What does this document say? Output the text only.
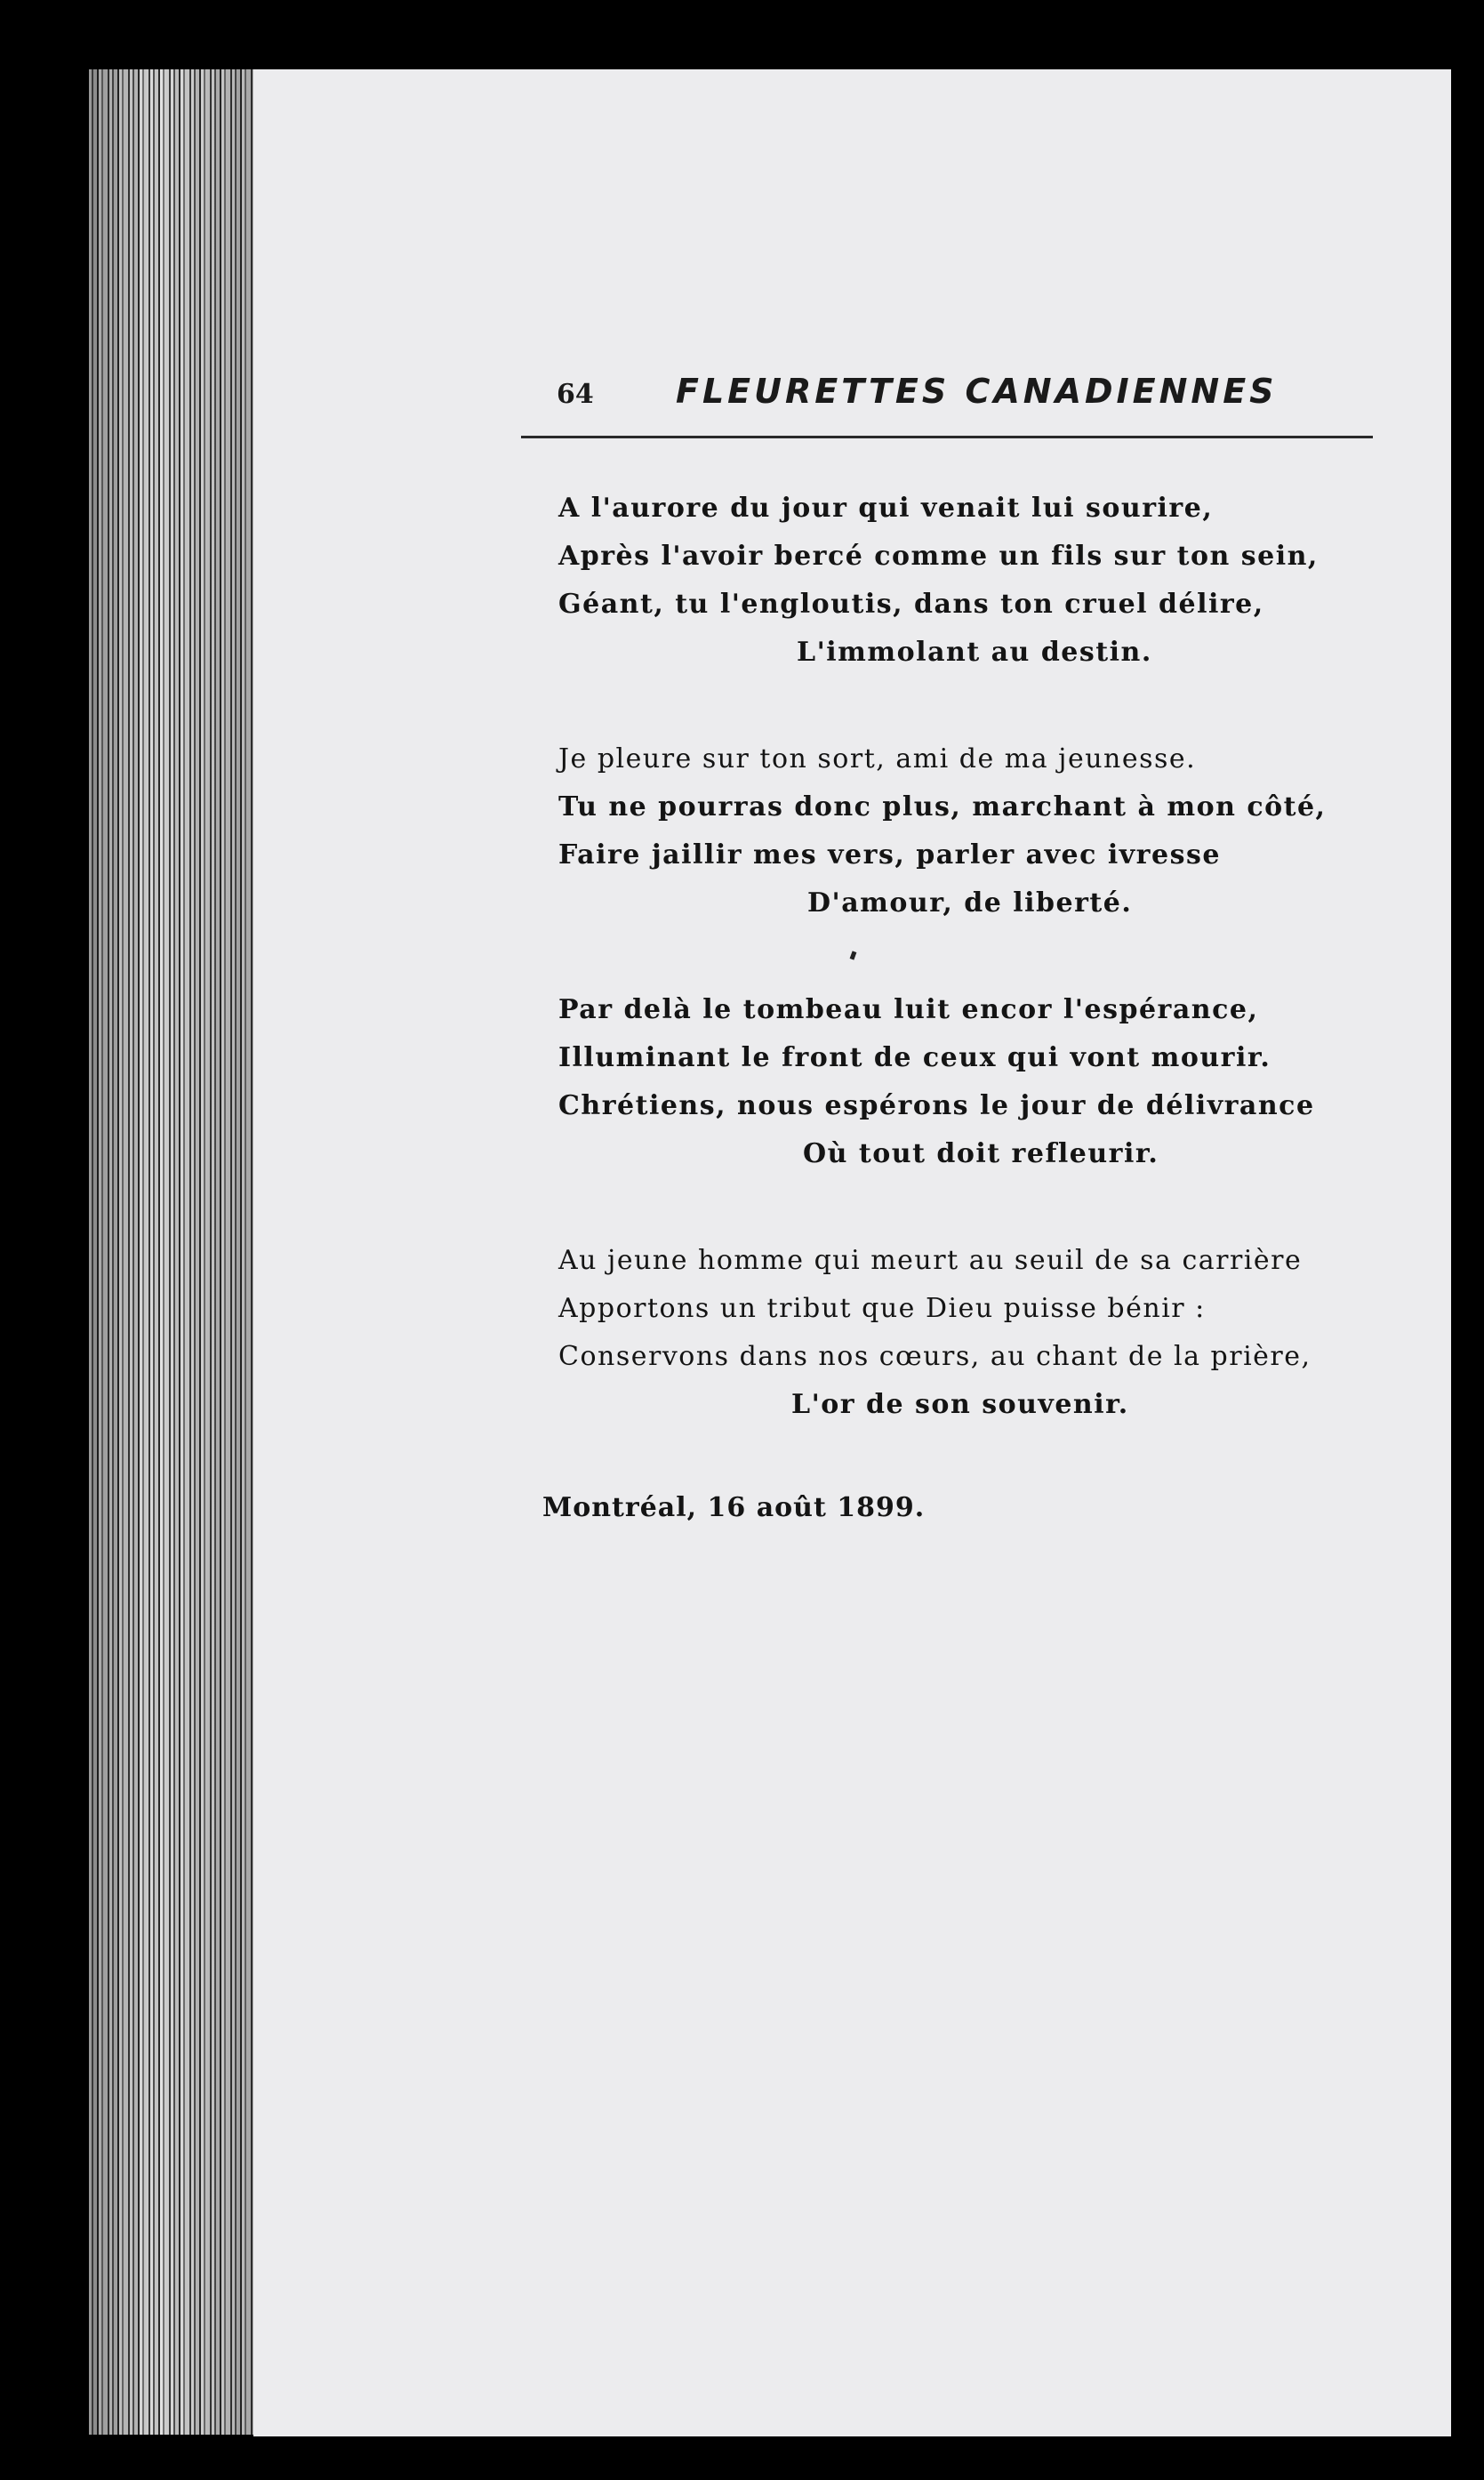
64 FLEURETTES CANADIENNES
A l'aurore du jour qui venait lui sourire,
Après l'avoir bercé comme un fils sur ton sein,
Géant, tu l'engloutis, dans ton cruel délire,
L'immolant au destin.
Je pleure sur ton sort, ami de ma jeunesse.
Tu ne pourras donc plus, marchant à mon côté,
Faire jaillir mes vers, parler avec ivresse
D'amour, de liberté.
Par delà le tombeau luit encor l'espérance,
Illuminant le front de ceux qui vont mourir.
Chrétiens, nous espérons le jour de délivrance
Où tout doit refleurir.
Au jeune homme qui meurt au seuil de sa carrière
Apportons un tribut que Dieu puisse bénir :
Conservons dans nos cœurs, au chant de la prière,
L'or de son souvenir.
Montréal, 16 août 1899.
